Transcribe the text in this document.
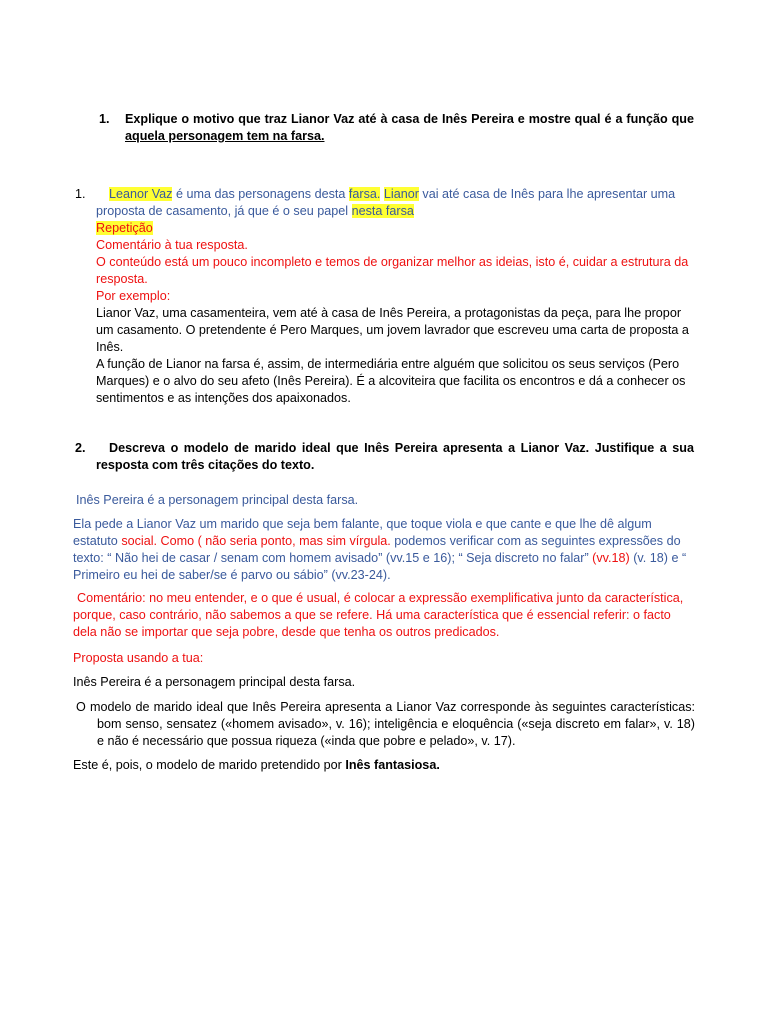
1. Explique o motivo que traz Lianor Vaz até à casa de Inês Pereira e mostre qual é a função que aquela personagem tem na farsa.
1.	Leanor Vaz é uma das personagens desta farsa. Lianor vai até casa de Inês para lhe apresentar uma proposta de casamento, já que é o seu papel nesta farsa
Repetição
Comentário à tua resposta.
O conteúdo está um pouco incompleto e temos de organizar melhor as ideias, isto é, cuidar a estrutura da resposta.
Por exemplo:
Lianor Vaz, uma casamenteira, vem até à casa de Inês Pereira, a protagonistas da peça, para lhe propor um casamento. O pretendente é Pero Marques, um jovem lavrador que escreveu uma carta de proposta a Inês.
A função de Lianor na farsa é, assim, de intermediária entre alguém que solicitou os seus serviços (Pero Marques) e o alvo do seu afeto (Inês Pereira). É a alcoviteira que facilita os encontros e dá a conhecer os sentimentos e as intenções dos apaixonados.
2. Descreva o modelo de marido ideal que Inês Pereira apresenta a Lianor Vaz. Justifique a sua resposta com três citações do texto.
Inês Pereira é a personagem principal desta farsa.
Ela pede a Lianor Vaz um marido que seja bem falante, que toque viola e que cante e que lhe dê algum estatuto social. Como ( não seria ponto, mas sim vírgula. podemos verificar com as seguintes expressões do texto: “ Não hei de casar / senam com homem avisado” (vv.15 e 16); “ Seja discreto no falar” (vv.18) (v. 18) e “ Primeiro eu hei de saber/se é parvo ou sábio” (vv.23-24).
Comentário: no meu entender, e o que é usual, é colocar a expressão exemplificativa junto da característica, porque, caso contrário, não sabemos a que se refere. Há uma característica que é essencial referir: o facto dela não se importar que seja pobre, desde que tenha os outros predicados.
Proposta usando a tua:
Inês Pereira é a personagem principal desta farsa.
O modelo de marido ideal que Inês Pereira apresenta a Lianor Vaz corresponde às seguintes características: bom senso, sensatez («homem avisado», v. 16); inteligência e eloquência («seja discreto em falar», v. 18) e não é necessário que possua riqueza («inda que pobre e pelado», v. 17).
Este é, pois, o modelo de marido pretendido por Inês fantasiosa.
